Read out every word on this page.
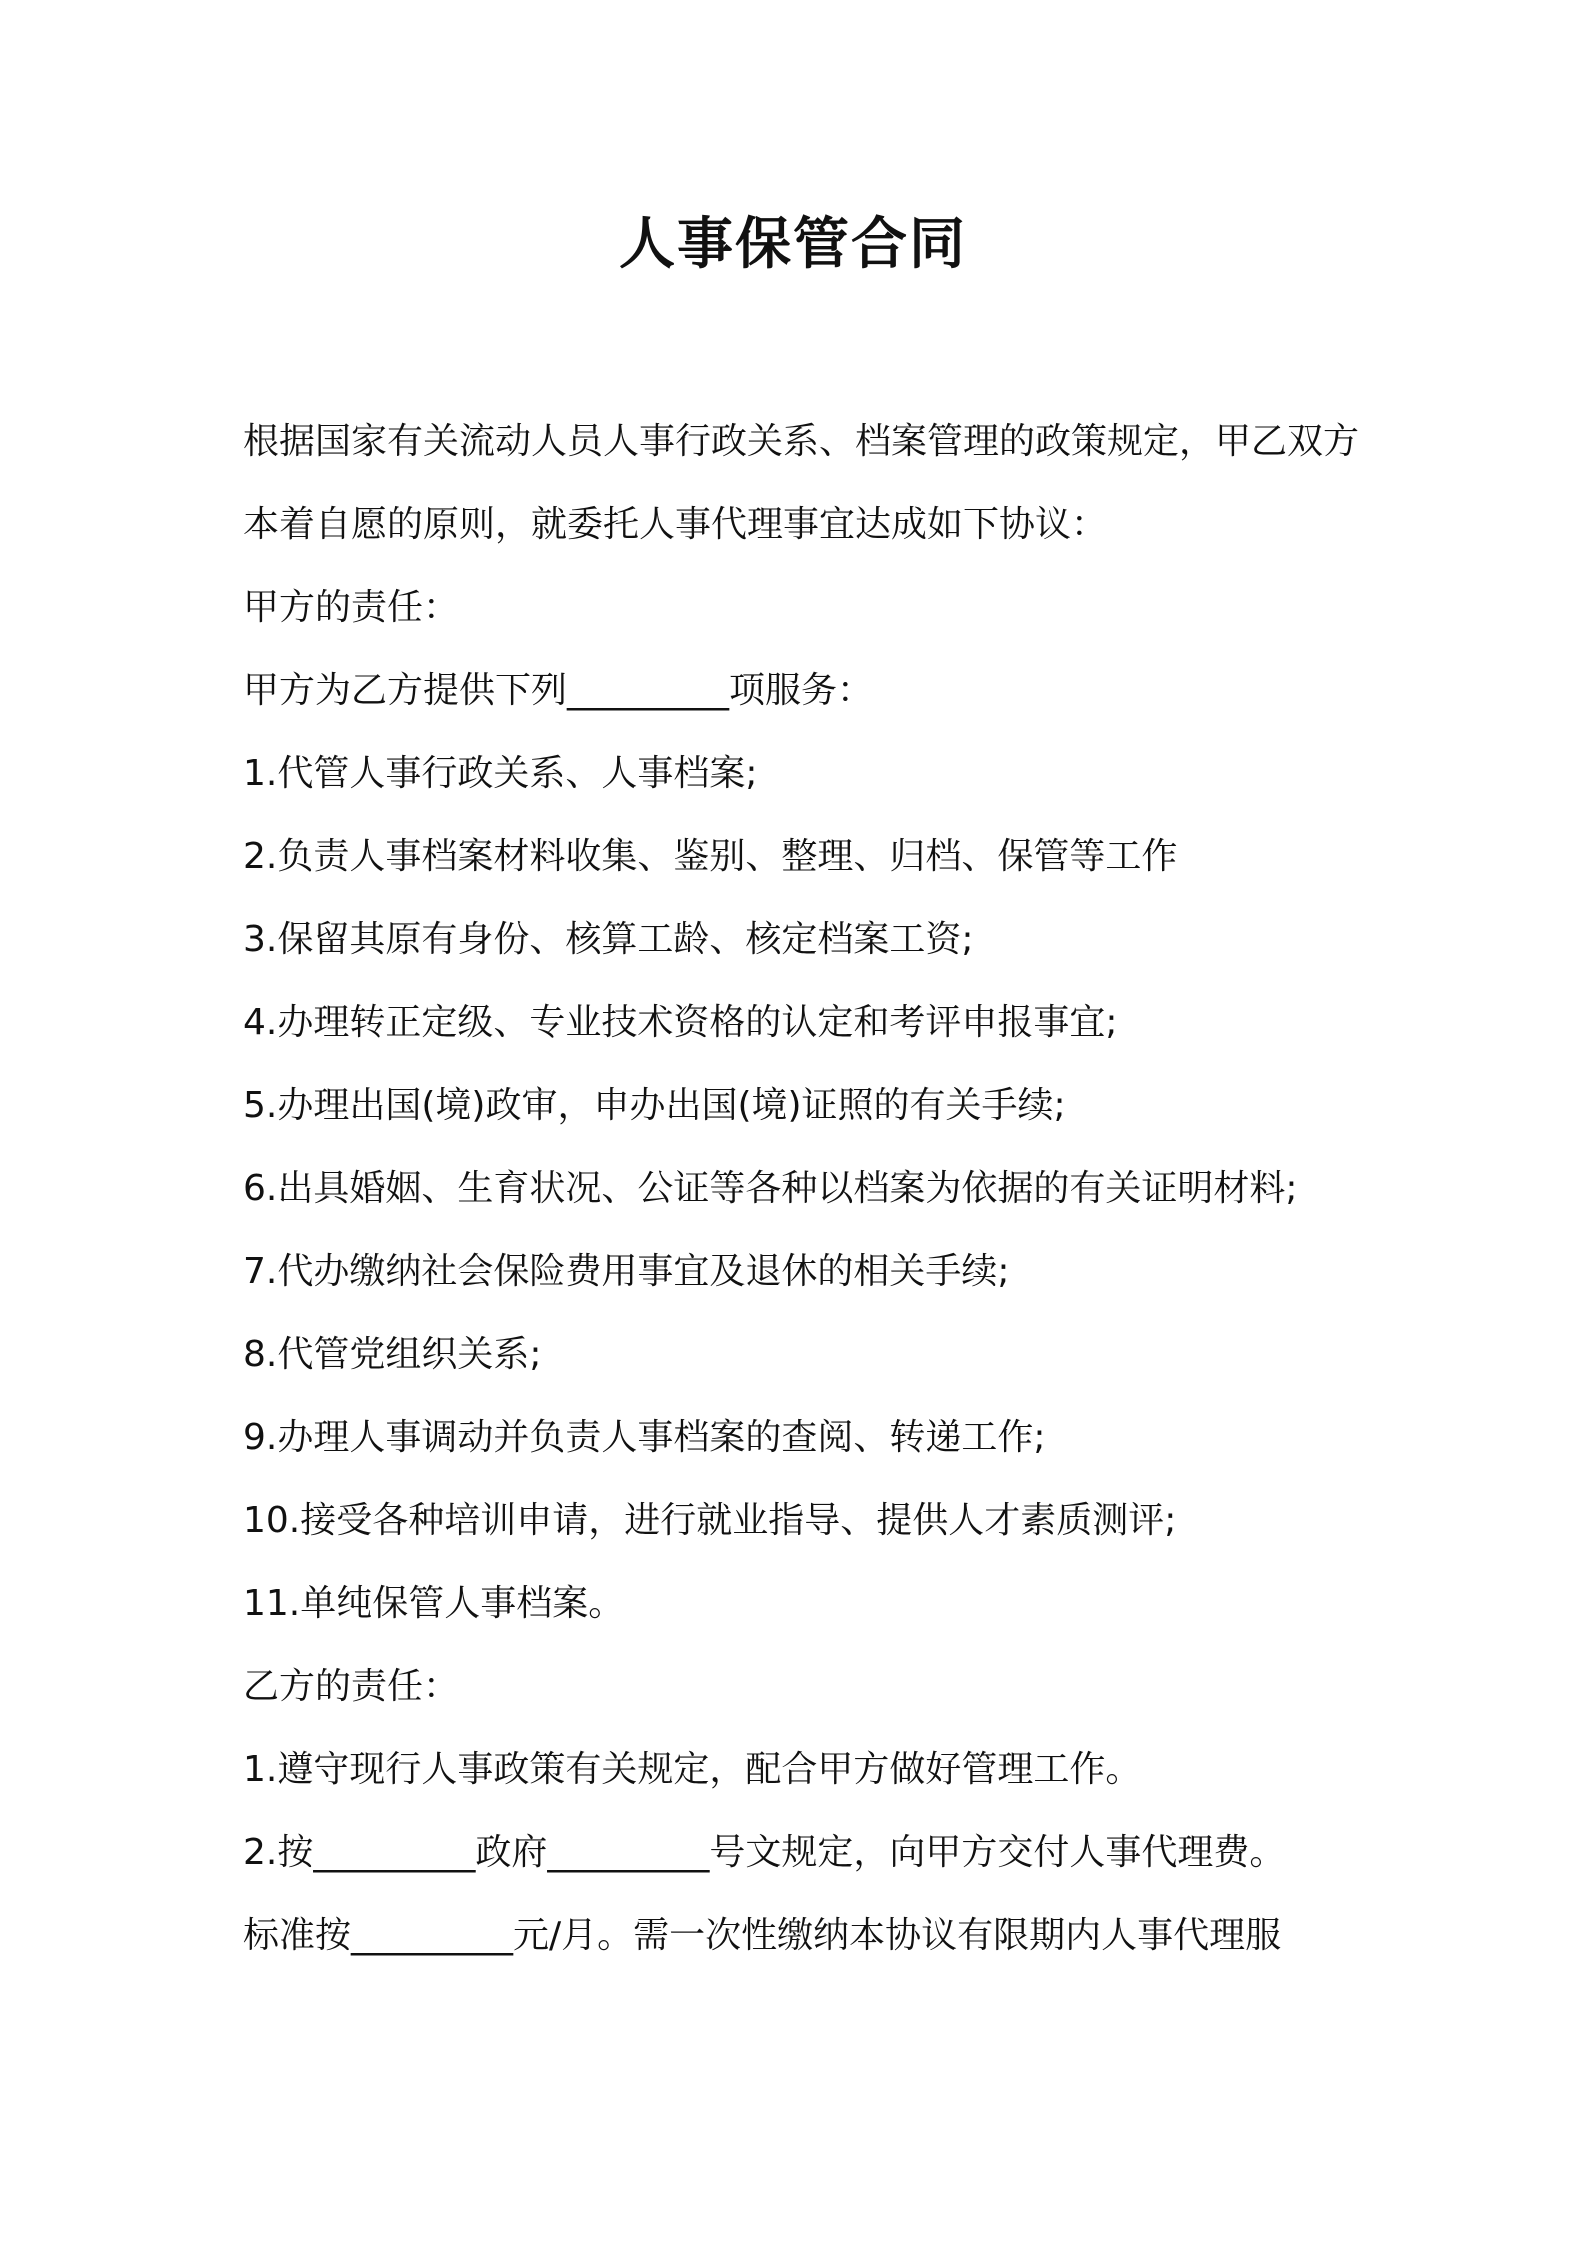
人事保管合同

根据国家有关流动人员人事行政关系、档案管理的政策规定，甲乙双方本着自愿的原则，就委托人事代理事宜达成如下协议：

甲方的责任：

甲方为乙方提供下列_________项服务：

1.代管人事行政关系、人事档案;

2.负责人事档案材料收集、鉴别、整理、归档、保管等工作

3.保留其原有身份、核算工龄、核定档案工资;

4.办理转正定级、专业技术资格的认定和考评申报事宜;

5.办理出国(境)政审，申办出国(境)证照的有关手续;

6.出具婚姻、生育状况、公证等各种以档案为依据的有关证明材料;

7.代办缴纳社会保险费用事宜及退休的相关手续;

8.代管党组织关系;

9.办理人事调动并负责人事档案的查阅、转递工作;

10.接受各种培训申请，进行就业指导、提供人才素质测评;

11.单纯保管人事档案。

乙方的责任：

1.遵守现行人事政策有关规定，配合甲方做好管理工作。

2.按_________政府_________号文规定，向甲方交付人事代理费。

标准按_________元/月。需一次性缴纳本协议有限期内人事代理服
